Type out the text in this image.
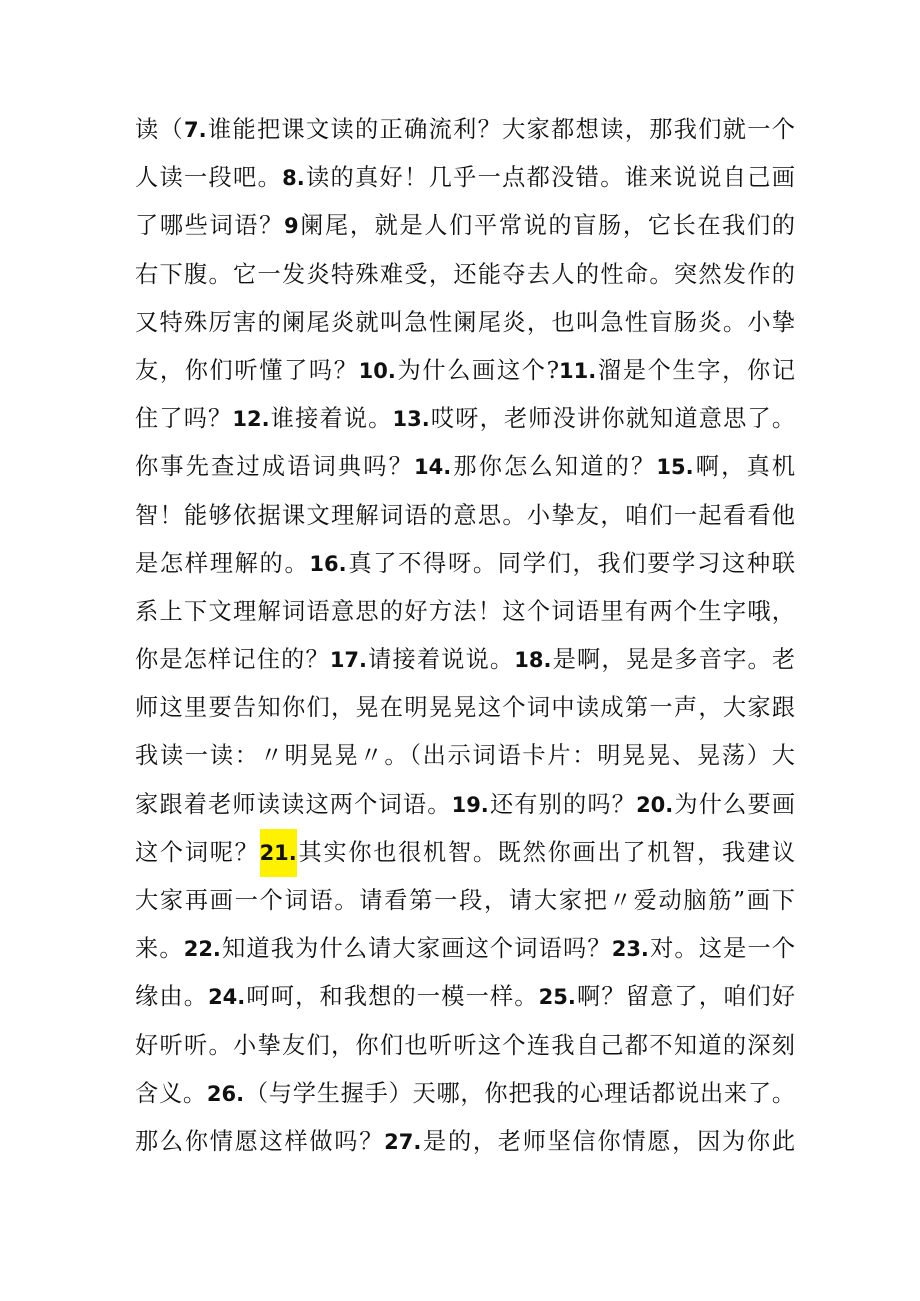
读（7.谁能把课文读的正确流利？大家都想读，那我们就一个
人读一段吧。8.读的真好！几乎一点都没错。谁来说说自己画
了哪些词语？9阑尾，就是人们平常说的盲肠，它长在我们的
右下腹。它一发炎特殊难受，还能夺去人的性命。突然发作的
又特殊厉害的阑尾炎就叫急性阑尾炎，也叫急性盲肠炎。小挚
友，你们听懂了吗？10.为什么画这个?11.溜是个生字，你记
住了吗？12.谁接着说。13.哎呀，老师没讲你就知道意思了。
你事先查过成语词典吗？14.那你怎么知道的？15.啊，真机
智！能够依据课文理解词语的意思。小挚友，咱们一起看看他
是怎样理解的。16.真了不得呀。同学们，我们要学习这种联
系上下文理解词语意思的好方法！这个词语里有两个生字哦，
你是怎样记住的？17.请接着说说。18.是啊，晃是多音字。老
师这里要告知你们，晃在明晃晃这个词中读成第一声，大家跟
我读一读：〃明晃晃〃。（出示词语卡片：明晃晃、晃荡）大
家跟着老师读读这两个词语。19.还有别的吗？20.为什么要画
这个词呢？21.其实你也很机智。既然你画出了机智，我建议
大家再画一个词语。请看第一段，请大家把〃爱动脑筋”画下
来。22.知道我为什么请大家画这个词语吗？23.对。这是一个
缘由。24.呵呵，和我想的一模一样。25.啊？留意了，咱们好
好听听。小挚友们，你们也听听这个连我自己都不知道的深刻
含义。26.（与学生握手）天哪，你把我的心理话都说出来了。
那么你情愿这样做吗？27.是的，老师坚信你情愿，因为你此
